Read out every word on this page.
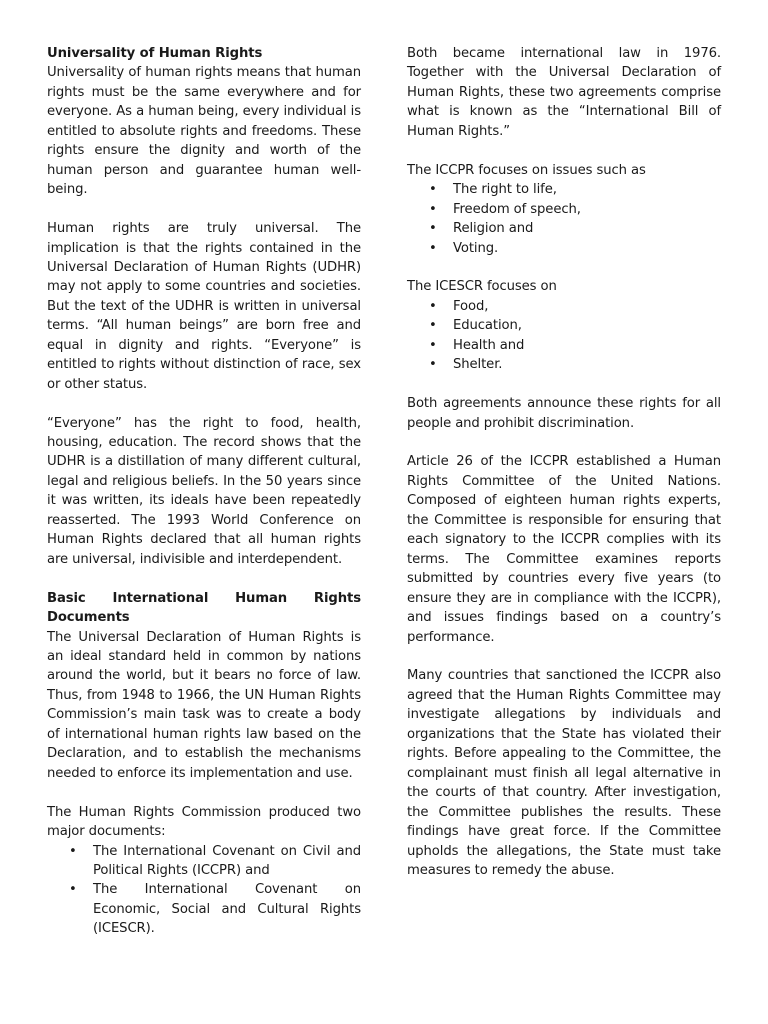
Universality of Human Rights

Universality of human rights means that human rights must be the same everywhere and for everyone. As a human being, every individual is entitled to absolute rights and freedoms. These rights ensure the dignity and worth of the human person and guarantee human well-being.

Human rights are truly universal. The implication is that the rights contained in the Universal Declaration of Human Rights (UDHR) may not apply to some countries and societies. But the text of the UDHR is written in universal terms. “All human beings” are born free and equal in dignity and rights. “Everyone” is entitled to rights without distinction of race, sex or other status.

“Everyone” has the right to food, health, housing, education. The record shows that the UDHR is a distillation of many different cultural, legal and religious beliefs. In the 50 years since it was written, its ideals have been repeatedly reasserted. The 1993 World Conference on Human Rights declared that all human rights are universal, indivisible and interdependent.

Basic International Human Rights

Documents

The Universal Declaration of Human Rights is an ideal standard held in common by nations around the world, but it bears no force of law. Thus, from 1948 to 1966, the UN Human Rights Commission’s main task was to create a body of international human rights law based on the Declaration, and to establish the mechanisms needed to enforce its implementation and use.

The Human Rights Commission produced two major documents:

• The International Covenant on Civil and Political Rights (ICCPR) and
• The International Covenant on Economic, Social and Cultural Rights (ICESCR).

Both became international law in 1976. Together with the Universal Declaration of Human Rights, these two agreements comprise what is known as the “International Bill of Human Rights.”

The ICCPR focuses on issues such as

• The right to life,
• Freedom of speech,
• Religion and
• Voting.

The ICESCR focuses on

• Food,
• Education,
• Health and
• Shelter.

Both agreements announce these rights for all people and prohibit discrimination.

Article 26 of the ICCPR established a Human Rights Committee of the United Nations. Composed of eighteen human rights experts, the Committee is responsible for ensuring that each signatory to the ICCPR complies with its terms. The Committee examines reports submitted by countries every five years (to ensure they are in compliance with the ICCPR), and issues findings based on a country’s performance.

Many countries that sanctioned the ICCPR also agreed that the Human Rights Committee may investigate allegations by individuals and organizations that the State has violated their rights. Before appealing to the Committee, the complainant must finish all legal alternative in the courts of that country. After investigation, the Committee publishes the results. These findings have great force. If the Committee upholds the allegations, the State must take measures to remedy the abuse.
